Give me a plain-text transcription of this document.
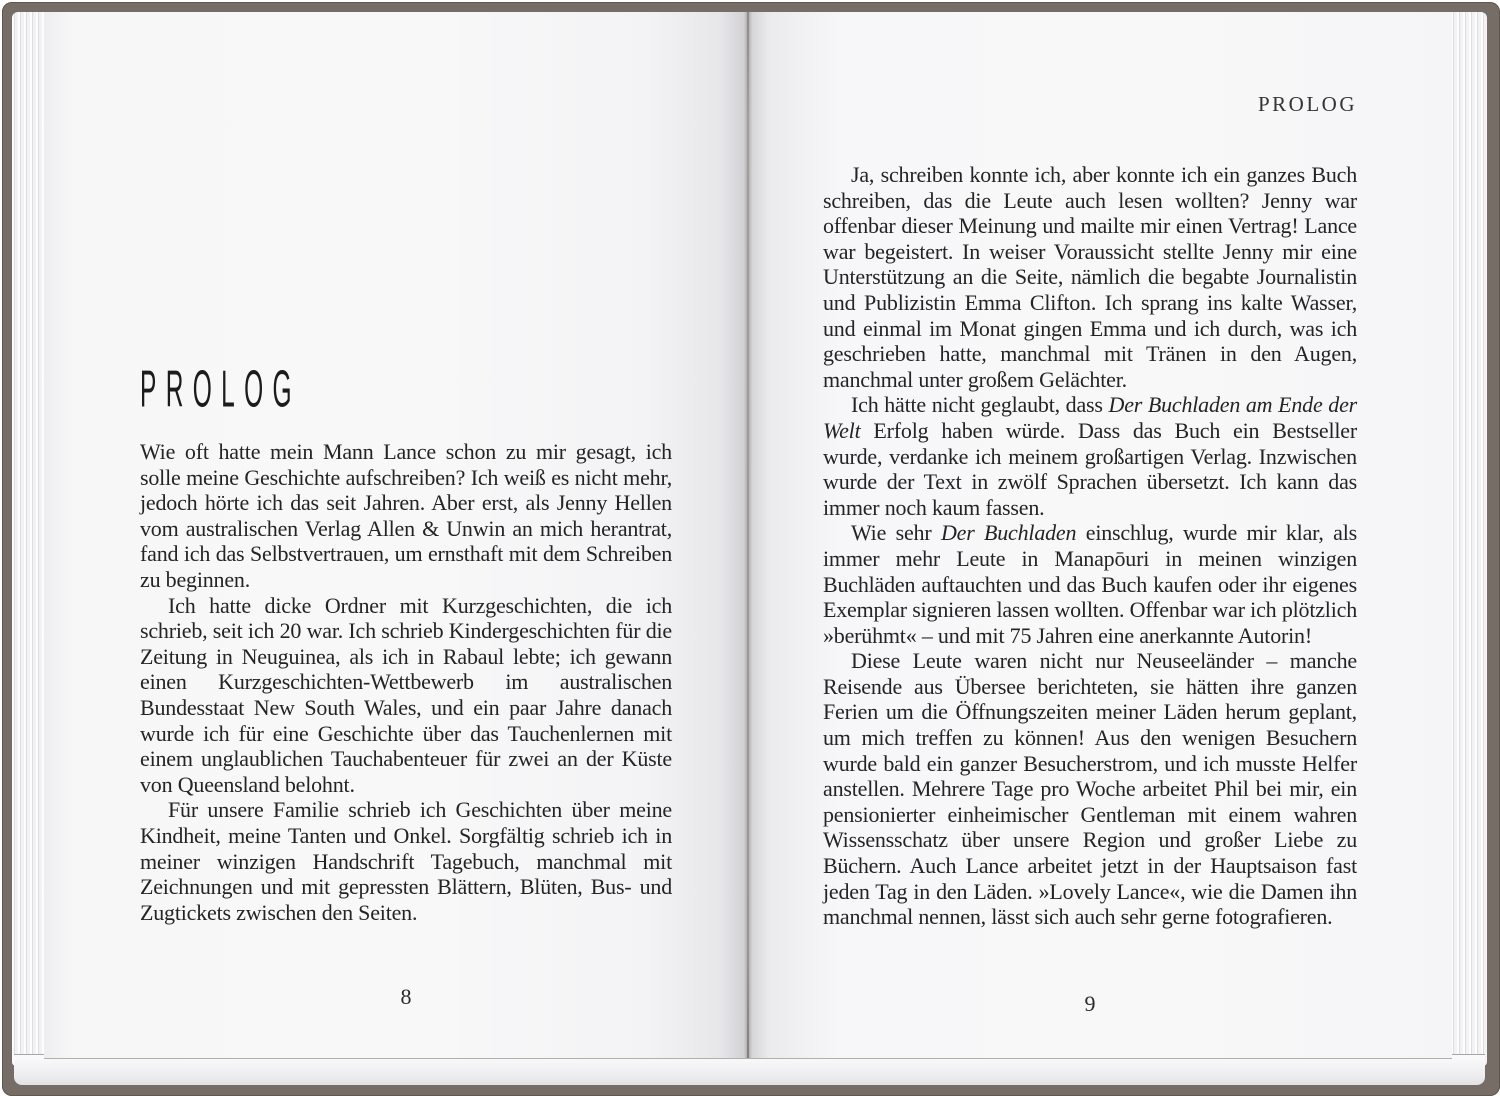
PROLOG

Wie oft hatte mein Mann Lance schon zu mir gesagt, ich solle meine Geschichte aufschreiben? Ich weiß es nicht mehr, jedoch hörte ich das seit Jahren. Aber erst, als Jenny Hellen vom australischen Verlag Allen & Unwin an mich herantrat, fand ich das Selbstvertrauen, um ernsthaft mit dem Schreiben zu beginnen.

Ich hatte dicke Ordner mit Kurzgeschichten, die ich schrieb, seit ich 20 war. Ich schrieb Kindergeschichten für die Zeitung in Neuguinea, als ich in Rabaul lebte; ich gewann einen Kurzgeschichten-Wettbewerb im australischen Bundesstaat New South Wales, und ein paar Jahre danach wurde ich für eine Geschichte über das Tauchenlernen mit einem unglaublichen Tauchabenteuer für zwei an der Küste von Queensland belohnt.

Für unsere Familie schrieb ich Geschichten über meine Kindheit, meine Tanten und Onkel. Sorgfältig schrieb ich in meiner winzigen Handschrift Tagebuch, manchmal mit Zeichnungen und mit gepressten Blättern, Blüten, Bus- und Zugtickets zwischen den Seiten.

8
PROLOG

Ja, schreiben konnte ich, aber konnte ich ein ganzes Buch schreiben, das die Leute auch lesen wollten? Jenny war offenbar dieser Meinung und mailte mir einen Vertrag! Lance war begeistert. In weiser Voraussicht stellte Jenny mir eine Unterstützung an die Seite, nämlich die begabte Journalistin und Publizistin Emma Clifton. Ich sprang ins kalte Wasser, und einmal im Monat gingen Emma und ich durch, was ich geschrieben hatte, manchmal mit Tränen in den Augen, manchmal unter großem Gelächter.

Ich hätte nicht geglaubt, dass Der Buchladen am Ende der Welt Erfolg haben würde. Dass das Buch ein Bestseller wurde, verdanke ich meinem großartigen Verlag. Inzwischen wurde der Text in zwölf Sprachen übersetzt. Ich kann das immer noch kaum fassen.

Wie sehr Der Buchladen einschlug, wurde mir klar, als immer mehr Leute in Manapōuri in meinen winzigen Buchläden auftauchten und das Buch kaufen oder ihr eigenes Exemplar signieren lassen wollten. Offenbar war ich plötzlich »berühmt« – und mit 75 Jahren eine anerkannte Autorin!

Diese Leute waren nicht nur Neuseeländer – manche Reisende aus Übersee berichteten, sie hätten ihre ganzen Ferien um die Öffnungszeiten meiner Läden herum geplant, um mich treffen zu können! Aus den wenigen Besuchern wurde bald ein ganzer Besucherstrom, und ich musste Helfer anstellen. Mehrere Tage pro Woche arbeitet Phil bei mir, ein pensionierter einheimischer Gentleman mit einem wahren Wissensschatz über unsere Region und großer Liebe zu Büchern. Auch Lance arbeitet jetzt in der Hauptsaison fast jeden Tag in den Läden. »Lovely Lance«, wie die Damen ihn manchmal nennen, lässt sich auch sehr gerne fotografieren.

9
